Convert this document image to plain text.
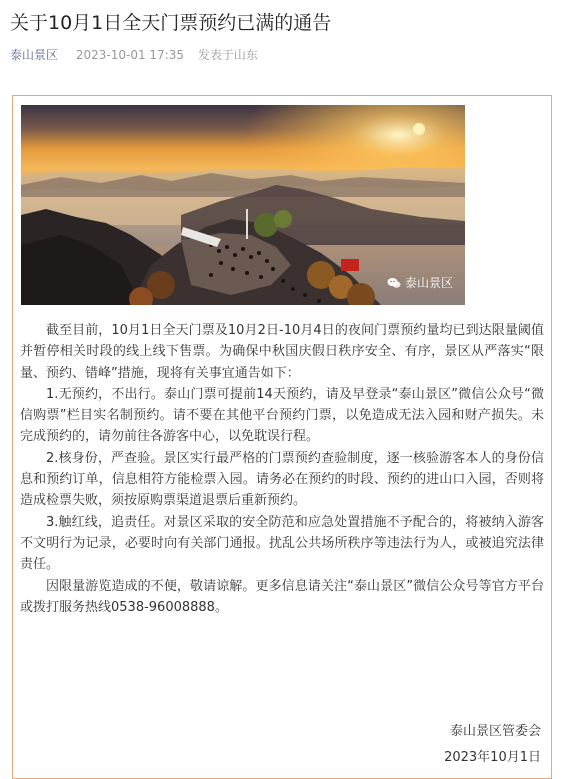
关于10月1日全天门票预约已满的通告
泰山景区 2023-10-01 17:35 发表于山东
泰山景区

截至目前，10月1日全天门票及10月2日-10月4日的夜间门票预约量均已到达限量阈值并暂停相关时段的线上线下售票。为确保中秋国庆假日秩序安全、有序，景区从严落实“限量、预约、错峰”措施，现将有关事宜通告如下：

1.无预约，不出行。泰山门票可提前14天预约，请及早登录“泰山景区”微信公众号“微信购票”栏目实名制预约。请不要在其他平台预约门票，以免造成无法入园和财产损失。未完成预约的，请勿前往各游客中心，以免耽误行程。

2.核身份，严查验。景区实行最严格的门票预约查验制度，逐一核验游客本人的身份信息和预约订单，信息相符方能检票入园。请务必在预约的时段、预约的进山口入园，否则将造成检票失败，须按原购票渠道退票后重新预约。

3.触红线，追责任。对景区采取的安全防范和应急处置措施不予配合的，将被纳入游客不文明行为记录，必要时向有关部门通报。扰乱公共场所秩序等违法行为人，或被追究法律责任。

因限量游览造成的不便，敬请谅解。更多信息请关注“泰山景区”微信公众号等官方平台或拨打服务热线0538-96008888。

泰山景区管委会
2023年10月1日
